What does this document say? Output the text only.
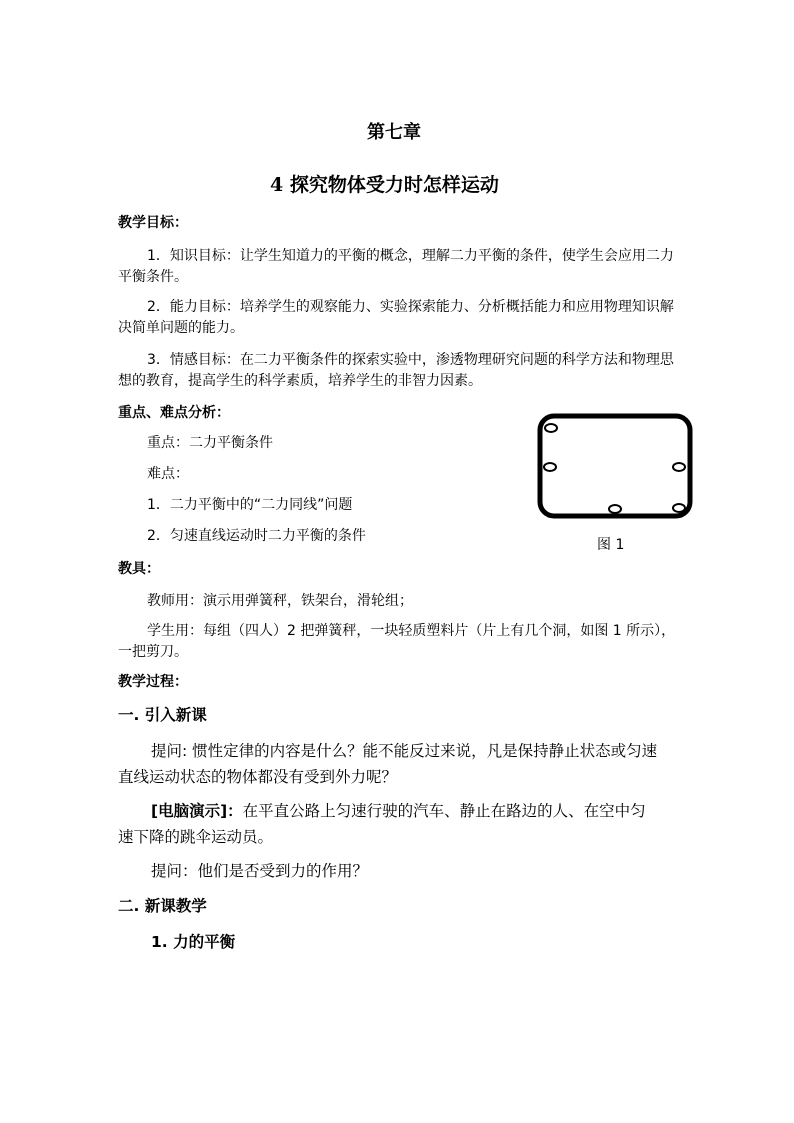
第七章
4 探究物体受力时怎样运动
教学目标：
1．知识目标：让学生知道力的平衡的概念，理解二力平衡的条件，使学生会应用二力
平衡条件。
2．能力目标：培养学生的观察能力、实验探索能力、分析概括能力和应用物理知识解
决简单问题的能力。
3．情感目标：在二力平衡条件的探索实验中，渗透物理研究问题的科学方法和物理思
想的教育，提高学生的科学素质，培养学生的非智力因素。
重点、难点分析：
重点：二力平衡条件
难点：
1．二力平衡中的“二力同线”问题
2．匀速直线运动时二力平衡的条件
图 1
教具：
教师用：演示用弹簧秤，铁架台，滑轮组；
学生用：每组（四人）2 把弹簧秤，一块轻质塑料片（片上有几个洞，如图 1 所示），
一把剪刀。
教学过程：
一. 引入新课
提问: 惯性定律的内容是什么？能不能反过来说，凡是保持静止状态或匀速
直线运动状态的物体都没有受到外力呢？
[电脑演示]：在平直公路上匀速行驶的汽车、静止在路边的人、在空中匀
速下降的跳伞运动员。
提问：他们是否受到力的作用？
二. 新课教学
1. 力的平衡
